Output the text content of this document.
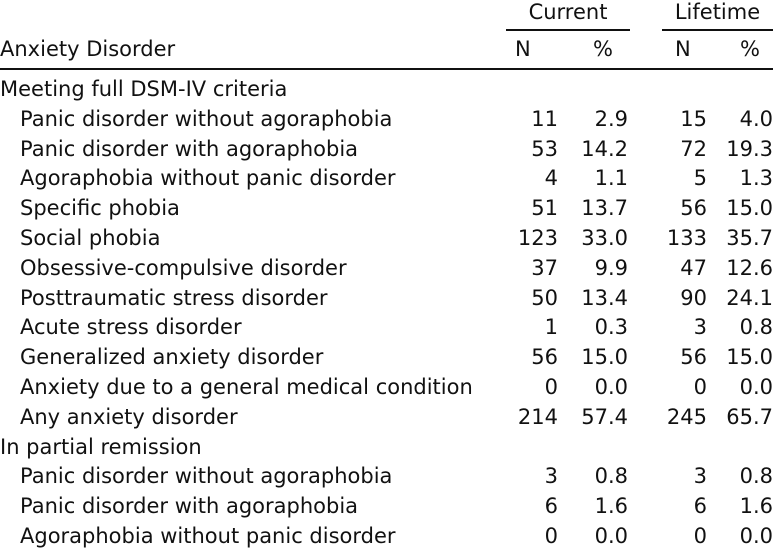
Current	Lifetime
Anxiety Disorder	N	%	N %
Meeting full DSM-IV criteria
Panic disorder without agoraphobia	11 2.9 15 4.0
Panic disorder with agoraphobia	53 14.2 72 19.3
Agoraphobia without panic disorder	4 1.1	5 1.3
Specific phobia	51 13.7 56 15.0
Social phobia	123 33.0 133 35.7
Obsessive-compulsive disorder	37 9.9 47 12.6
Posttraumatic stress disorder	50 13.4 90 24.1
Acute stress disorder	1 0.3	3 0.8
Generalized anxiety disorder	56 15.0 56 15.0
Anxiety due to a general medical condition	0 0.0	0 0.0
Any anxiety disorder	214 57.4 245 65.7
In partial remission
Panic disorder without agoraphobia	3 0.8	3 0.8
Panic disorder with agoraphobia	6 1.6	6 1.6
Agoraphobia without panic disorder	0 0.0	0 0.0
